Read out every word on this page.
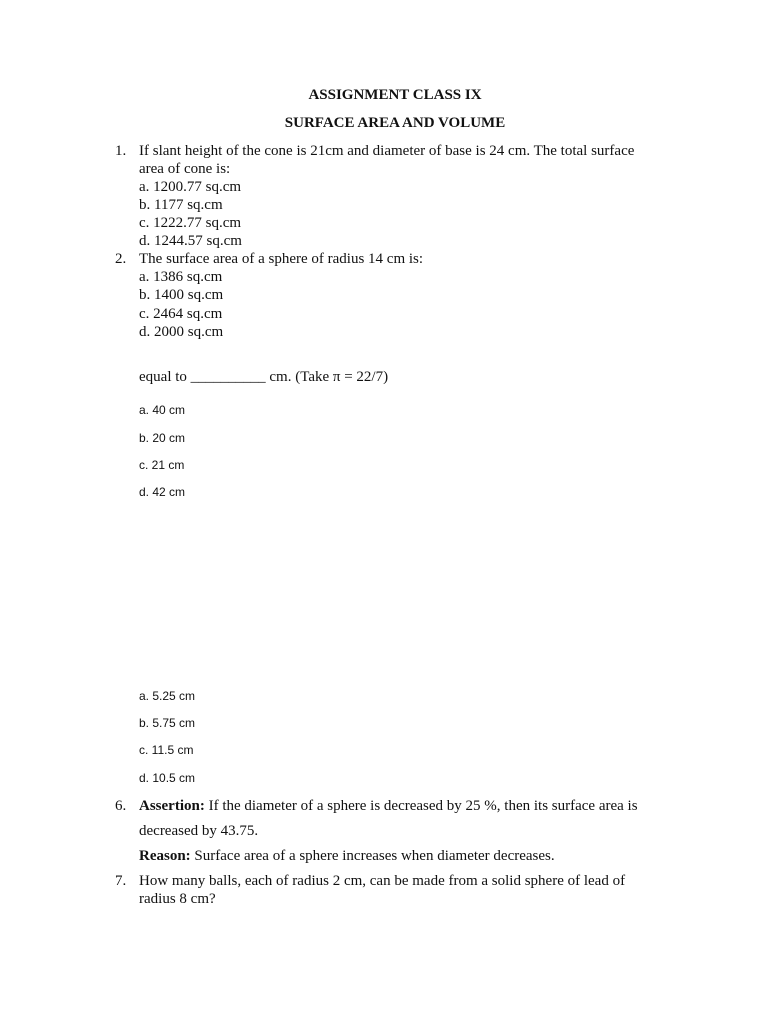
ASSIGNMENT CLASS IX
SURFACE AREA AND VOLUME
1. If slant height of the cone is 21cm and diameter of base is 24 cm. The total surface
area of cone is:
a. 1200.77 sq.cm
b. 1177 sq.cm
c. 1222.77 sq.cm
d. 1244.57 sq.cm
2. The surface area of a sphere of radius 14 cm is:
a. 1386 sq.cm
b. 1400 sq.cm
c. 2464 sq.cm
d. 2000 sq.cm
equal to __________ cm. (Take π = 22/7)
a. 40 cm
b. 20 cm
c. 21 cm
d. 42 cm
a. 5.25 cm
b. 5.75 cm
c. 11.5 cm
d. 10.5 cm
6. Assertion: If the diameter of a sphere is decreased by 25 %, then its surface area is
decreased by 43.75.
Reason: Surface area of a sphere increases when diameter decreases.
7. How many balls, each of radius 2 cm, can be made from a solid sphere of lead of
radius 8 cm?
